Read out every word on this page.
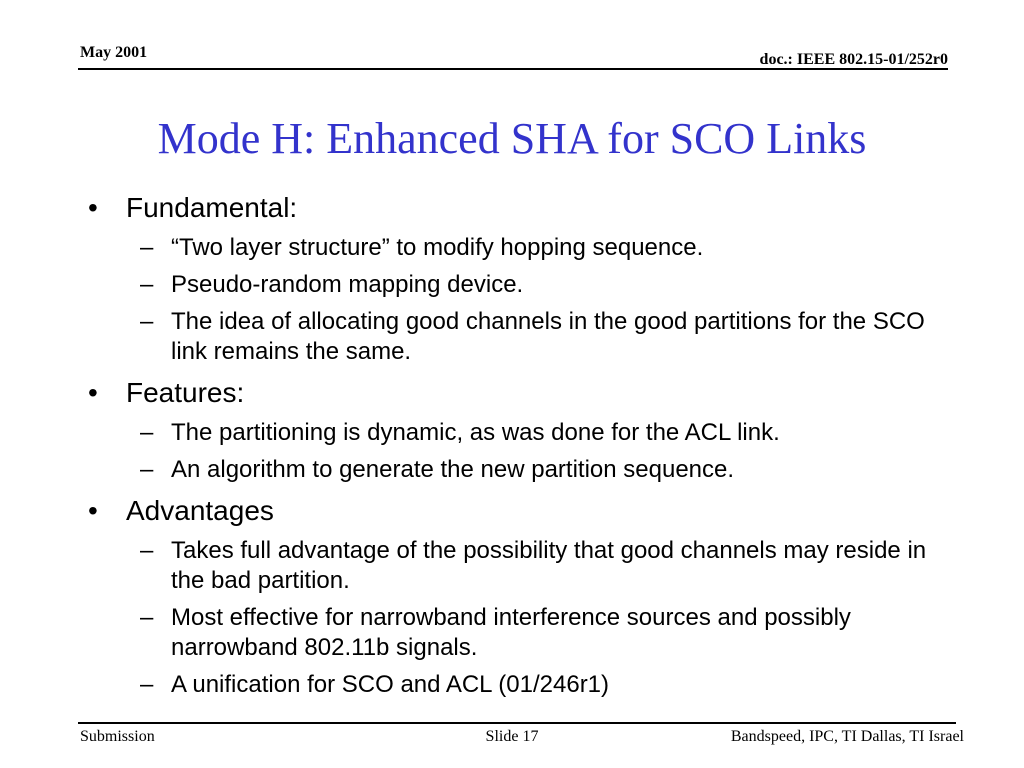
May 2001	doc.: IEEE 802.15-01/252r0
Mode H: Enhanced SHA for SCO Links
• Fundamental:
– “Two layer structure” to modify hopping sequence.
– Pseudo-random mapping device.
– The idea of allocating good channels in the good partitions for the SCO link remains the same.
• Features:
– The partitioning is dynamic, as was done for the ACL link.
– An algorithm to generate the new partition sequence.
• Advantages
– Takes full advantage of the possibility that good channels may reside in the bad partition.
– Most effective for narrowband interference sources and possibly narrowband 802.11b signals.
– A unification for SCO and ACL (01/246r1)
Submission	Slide 17	Bandspeed, IPC, TI Dallas, TI Israel
